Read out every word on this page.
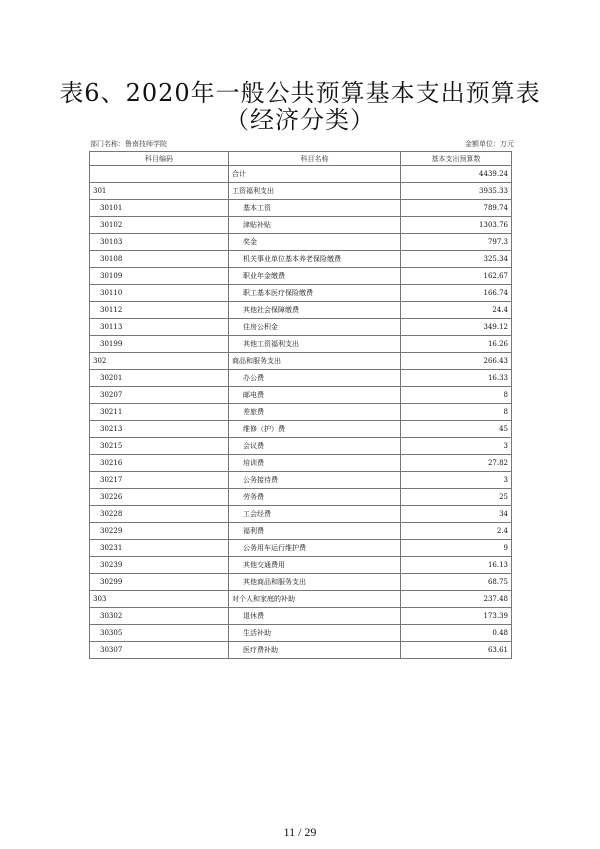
表6、2020年一般公共预算基本支出预算表
（经济分类）
部门名称：鲁南技师学院	金额单位：万元
科目编码	科目名称	基本支出预算数
	合计	4439.24
301	工资福利支出	3935.33
30101	基本工资	789.74
30102	津贴补贴	1303.76
30103	奖金	797.3
30108	机关事业单位基本养老保险缴费	325.34
30109	职业年金缴费	162.67
30110	职工基本医疗保险缴费	166.74
30112	其他社会保障缴费	24.4
30113	住房公积金	349.12
30199	其他工资福利支出	16.26
302	商品和服务支出	266.43
30201	办公费	16.33
30207	邮电费	8
30211	差旅费	8
30213	维修（护）费	45
30215	会议费	3
30216	培训费	27.82
30217	公务接待费	3
30226	劳务费	25
30228	工会经费	34
30229	福利费	2.4
30231	公务用车运行维护费	9
30239	其他交通费用	16.13
30299	其他商品和服务支出	68.75
303	对个人和家庭的补助	237.48
30302	退休费	173.39
30305	生活补助	0.48
30307	医疗费补助	63.61
11 / 29
